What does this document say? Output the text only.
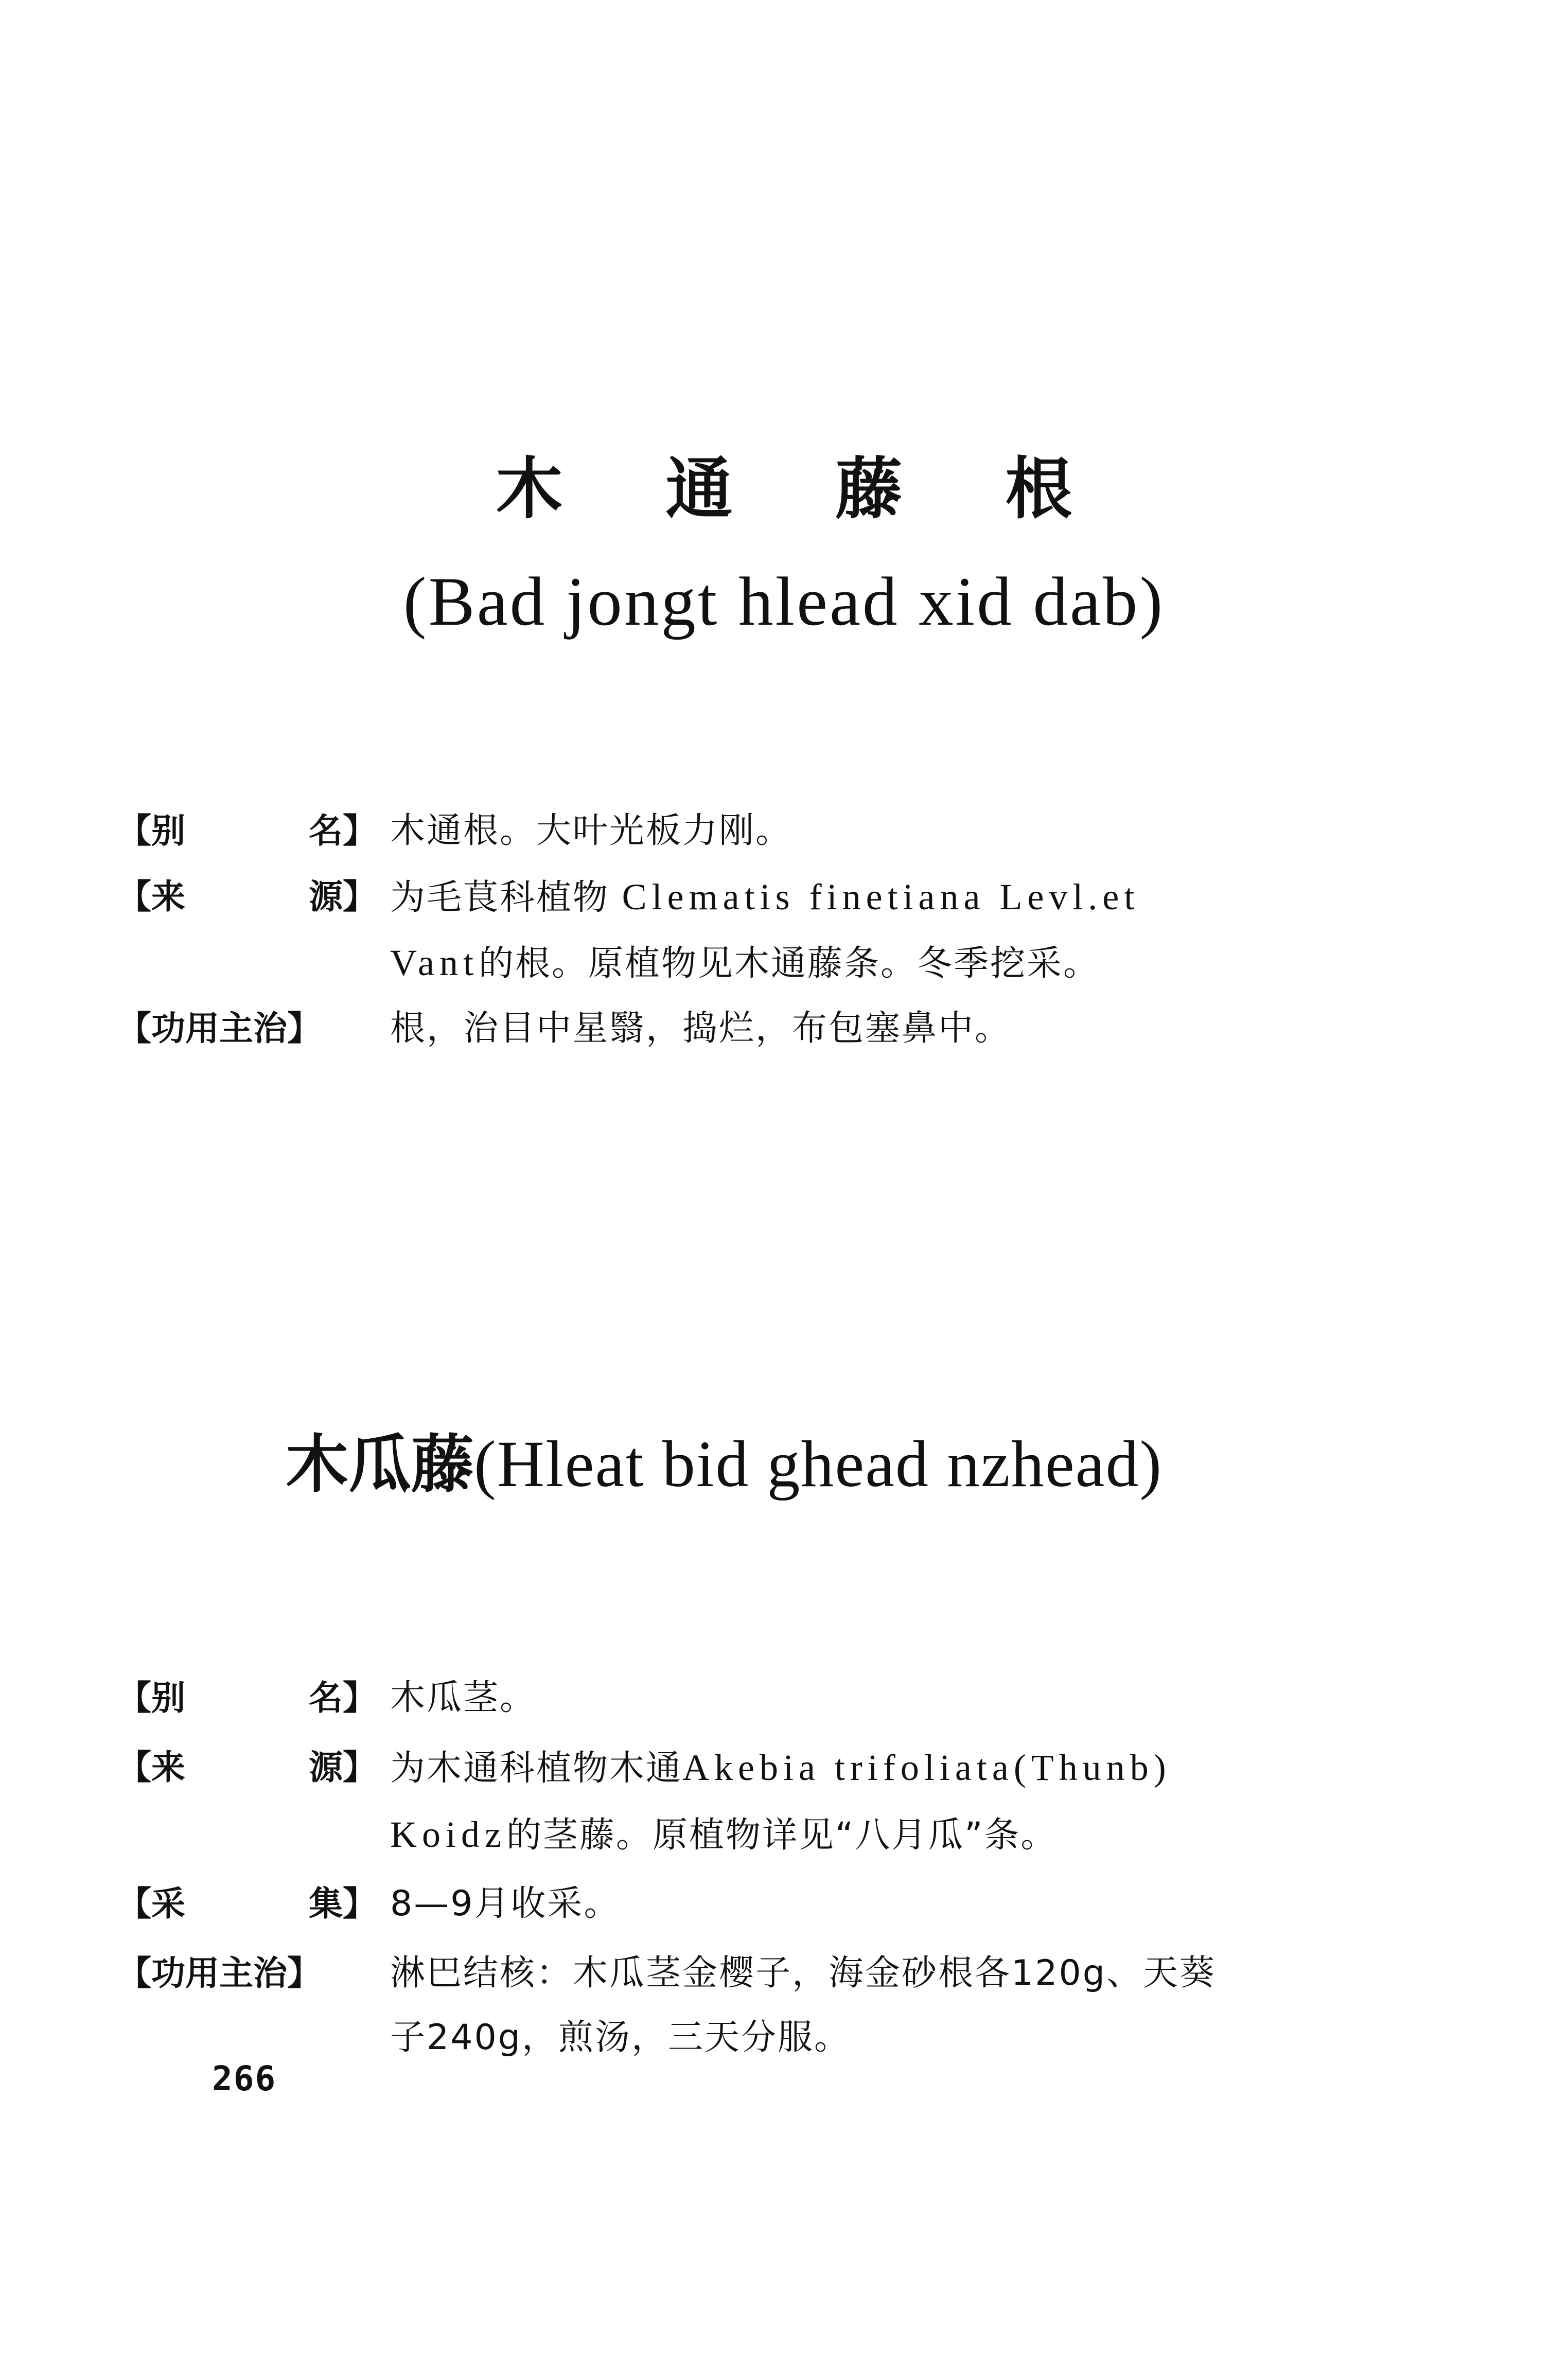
木通藤根
(Bad jongt hlead xid dab)
【别	名】 木通根。大叶光板力刚。
【来	源】 为毛茛科植物 Clematis finetiana Levl.et
Vant的根。原植物见木通藤条。冬季挖采。
【功用主治】 根，治目中星翳，捣烂，布包塞鼻中。
木瓜藤(Hleat bid ghead nzhead)
【别	名】 木瓜茎。
【来	源】 为木通科植物木通Akebia trifoliata(Thunb)
Koidz的茎藤。原植物详见“八月瓜”条。
【采	集】 8—9月收采。
【功用主治】 淋巴结核：木瓜茎金樱子，海金砂根各120g、天葵
子240g，煎汤，三天分服。
266
